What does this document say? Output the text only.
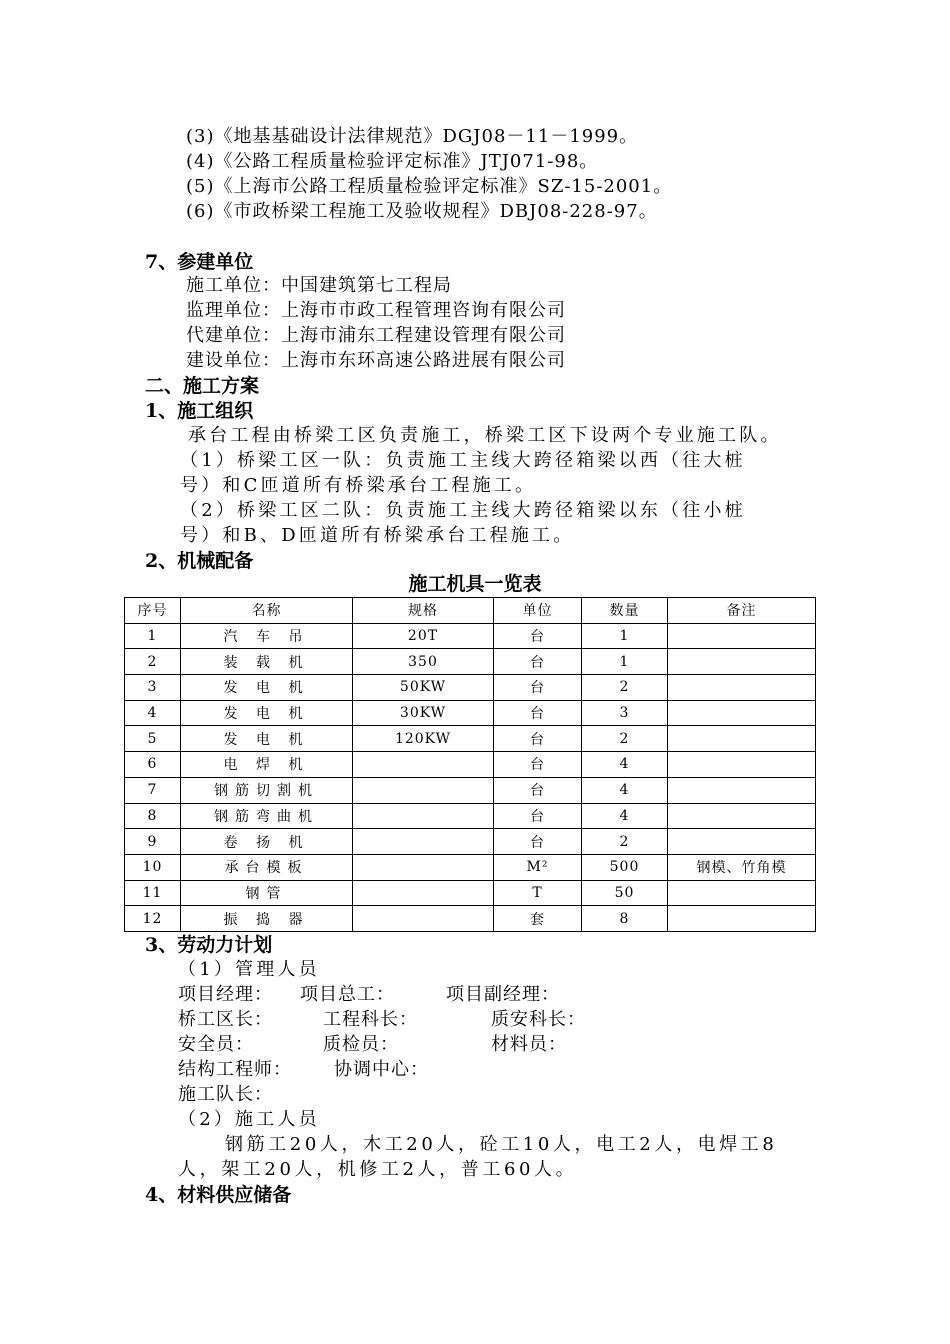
(3)《地基基础设计法律规范》DGJ08－11－1999。
(4)《公路工程质量检验评定标准》JTJ071-98。
(5)《上海市公路工程质量检验评定标准》SZ-15-2001。
(6)《市政桥梁工程施工及验收规程》DBJ08-228-97。
7、参建单位
施工单位：中国建筑第七工程局
监理单位：上海市市政工程管理咨询有限公司
代建单位：上海市浦东工程建设管理有限公司
建设单位：上海市东环高速公路进展有限公司
二、施工方案
1、施工组织
承台工程由桥梁工区负责施工，桥梁工区下设两个专业施工队。
（1）桥梁工区一队：负责施工主线大跨径箱梁以西（往大桩
号）和C匝道所有桥梁承台工程施工。
（2）桥梁工区二队：负责施工主线大跨径箱梁以东（往小桩
号）和B、D匝道所有桥梁承台工程施工。
2、机械配备
施工机具一览表
序号	名称	规格	单位	数量	备注
1	汽 车 吊	20T	台	1	
2	装 载 机	350	台	1	
3	发 电 机	50KW	台	2	
4	发 电 机	30KW	台	3	
5	发 电 机	120KW	台	2	
6	电 焊 机		台	4	
7	钢筋切割机		台	4	
8	钢筋弯曲机		台	4	
9	卷 扬 机		台	2	
10	承台模板		M²	500	钢模、竹角模
11	钢管		T	50	
12	振 捣 器		套	8	
3、劳动力计划
（1）管理人员
项目经理： 项目总工：	项目副经理：
桥工区长：	工程科长：	质安科长：
安全员：	质检员：	材料员：
结构工程师： 协调中心：
施工队长：
（2）施工人员
钢筋工20人，木工20人，砼工10人，电工2人，电焊工8
人，架工20人，机修工2人，普工60人。
4、材料供应储备
